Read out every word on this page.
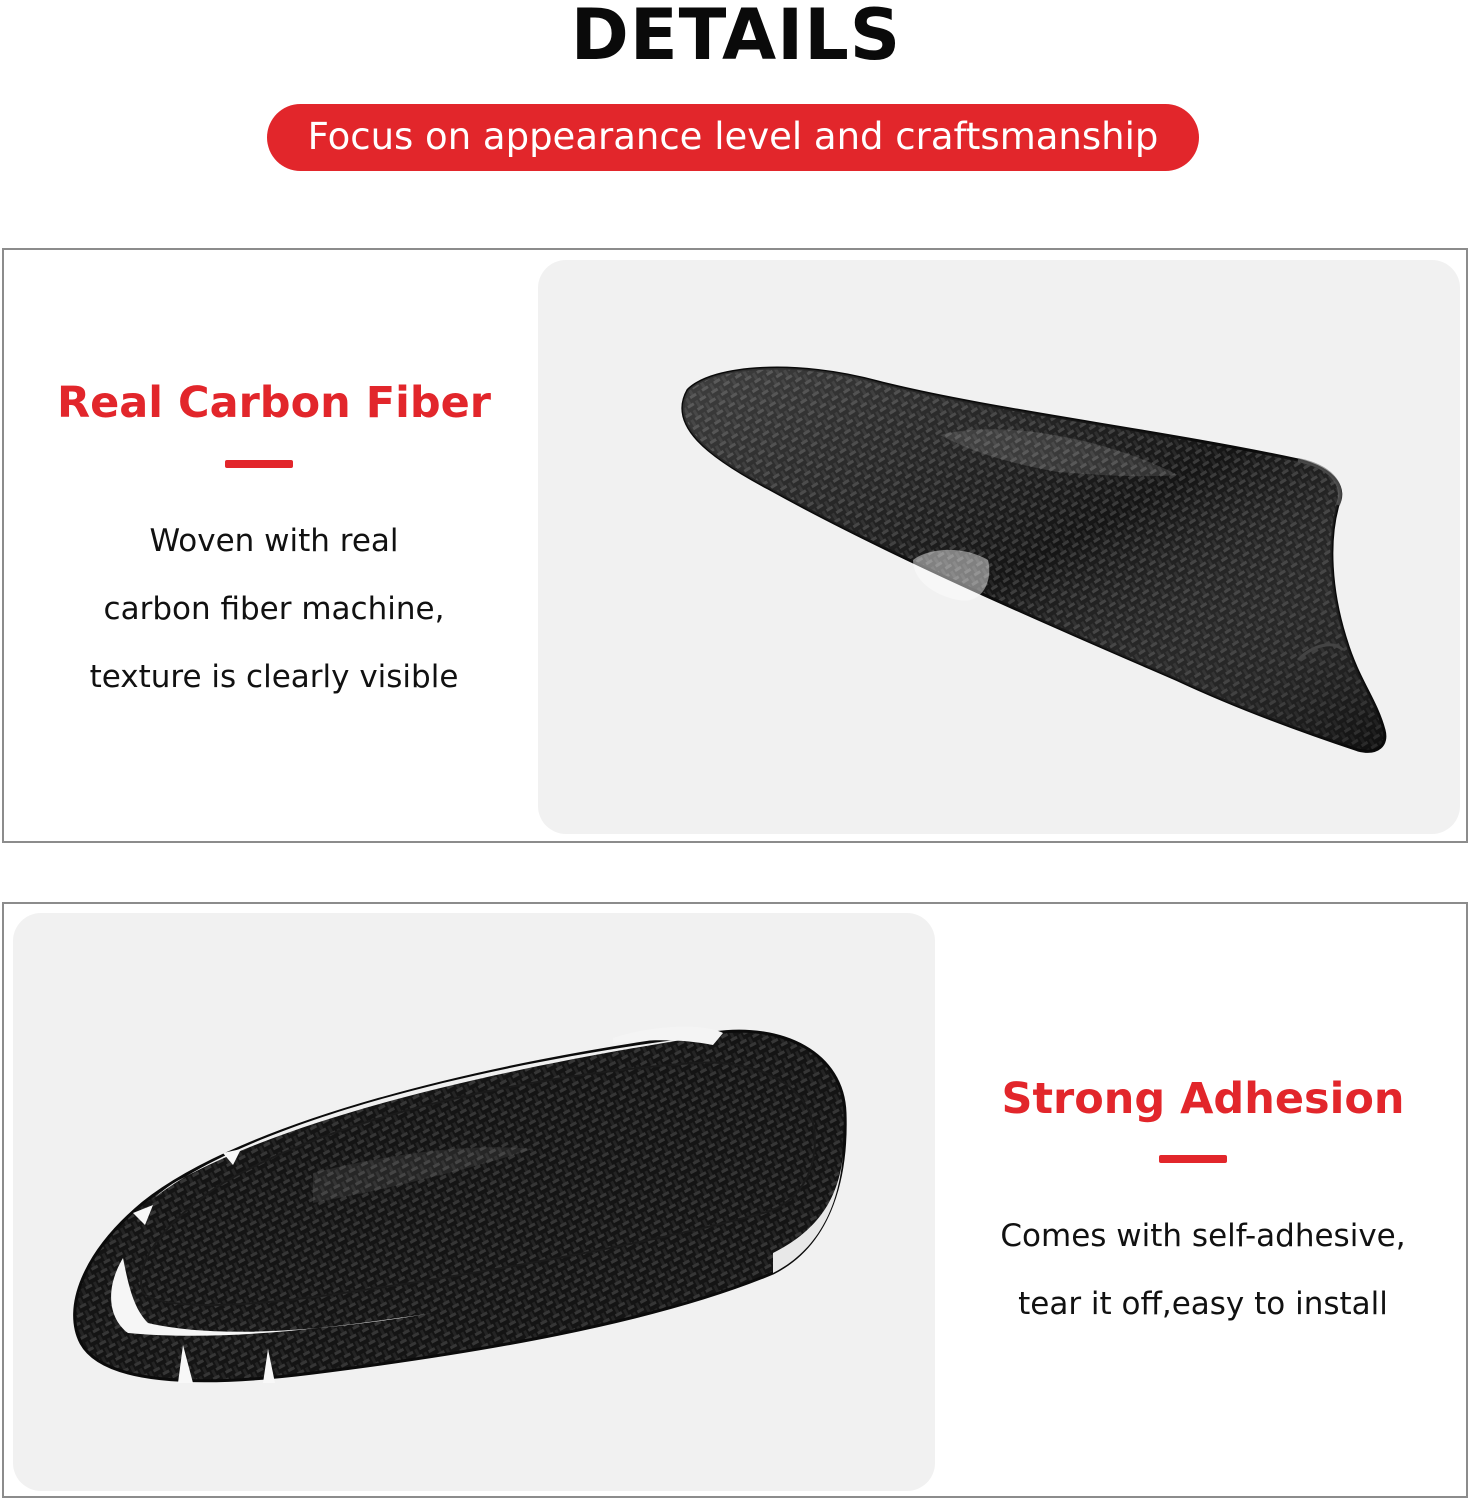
DETAILS
Focus on appearance level and craftsmanship
Real Carbon Fiber
Woven with real
carbon fiber machine,
texture is clearly visible
Strong Adhesion
Comes with self-adhesive,
tear it off,easy to install
